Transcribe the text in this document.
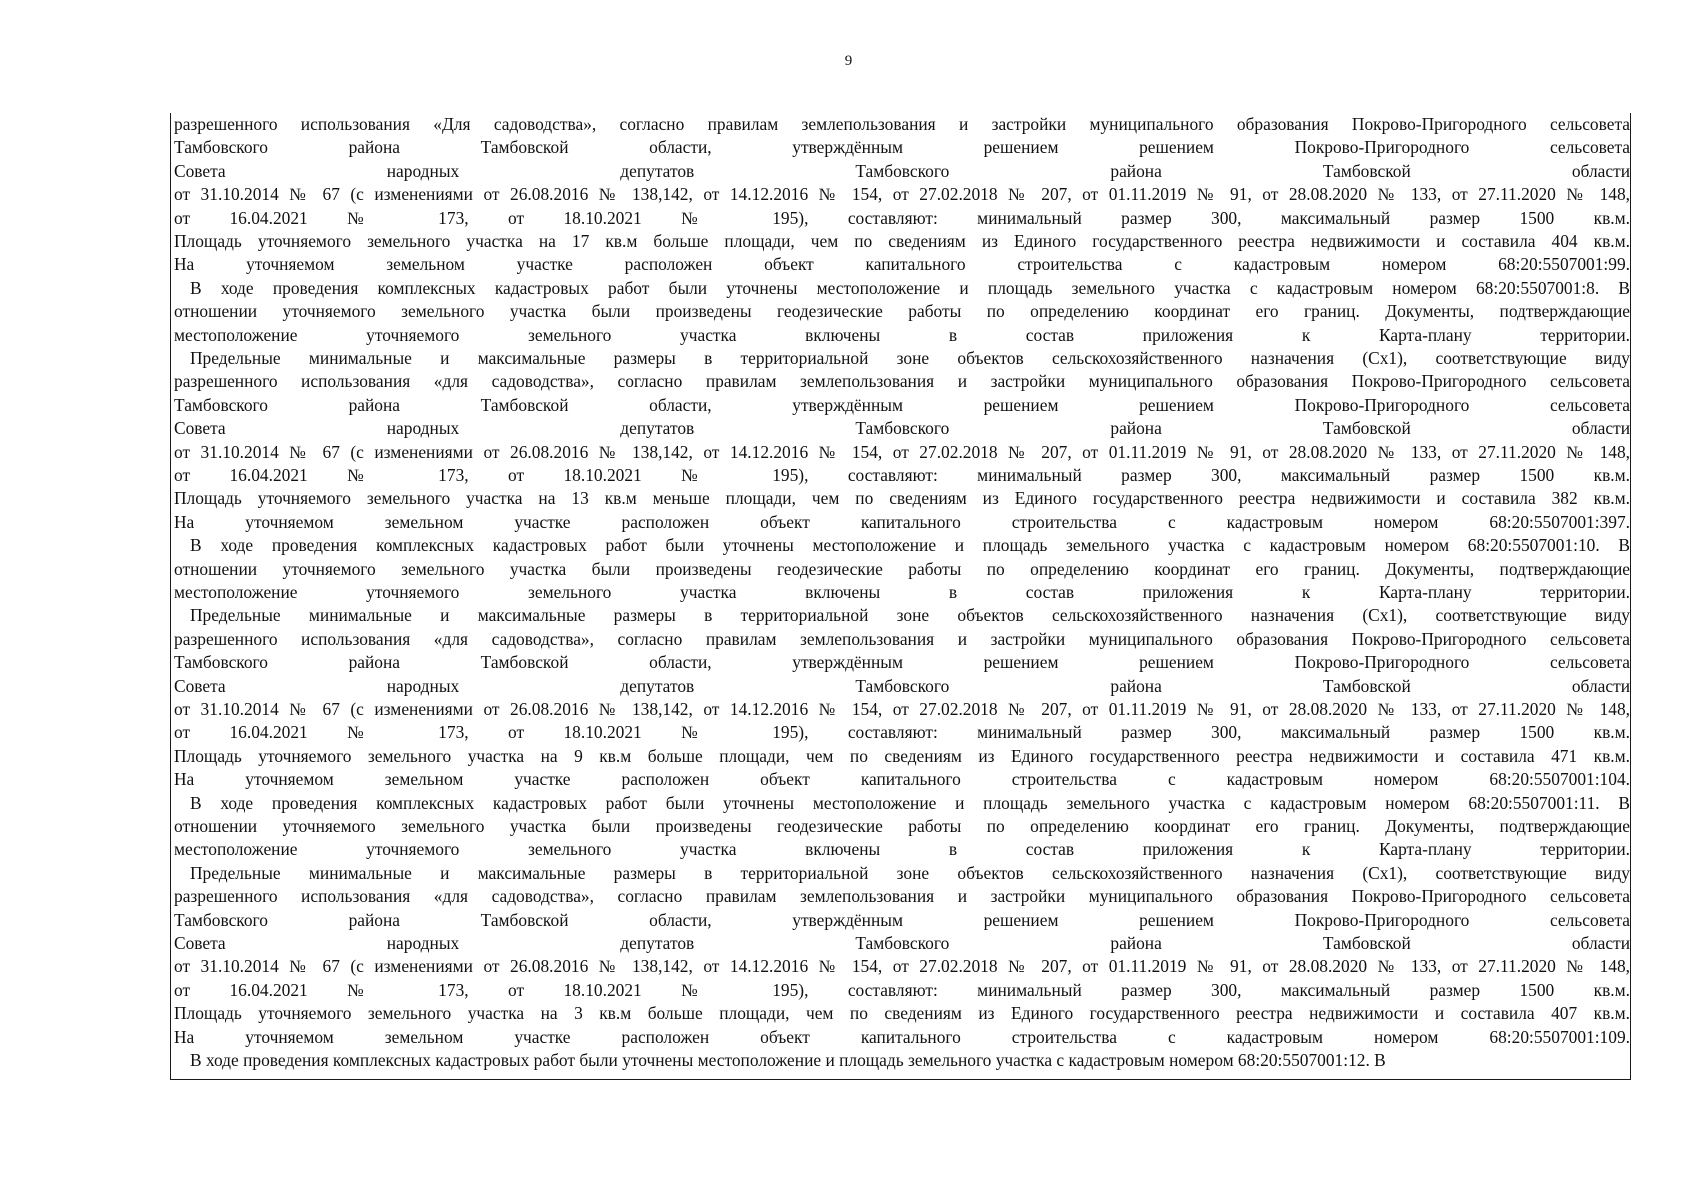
9
разрешенного использования «Для садоводства», согласно правилам землепользования и застройки муниципального образования Покрово-Пригородного сельсовета
Тамбовского района Тамбовской области, утверждённым решением решением Покрово-Пригородного сельсовета
Совета народных депутатов Тамбовского района Тамбовской области
от 31.10.2014 № 67 (с изменениями от 26.08.2016 № 138,142, от 14.12.2016 № 154, от 27.02.2018 № 207, от 01.11.2019 № 91, от 28.08.2020 № 133, от 27.11.2020 № 148,
от 16.04.2021 № 173, от 18.10.2021 № 195), составляют: минимальный размер 300, максимальный размер 1500 кв.м.
Площадь уточняемого земельного участка на 17 кв.м больше площади, чем по сведениям из Единого государственного реестра недвижимости и составила 404 кв.м.
На уточняемом земельном участке расположен объект капитального строительства с кадастровым номером 68:20:5507001:99.
В ходе проведения комплексных кадастровых работ были уточнены местоположение и площадь земельного участка с кадастровым номером 68:20:5507001:8. В
отношении уточняемого земельного участка были произведены геодезические работы по определению координат его границ. Документы, подтверждающие
местоположение уточняемого земельного участка включены в состав приложения к Карта-плану территории.
Предельные минимальные и максимальные размеры в территориальной зоне объектов сельскохозяйственного назначения (Сх1), соответствующие виду
разрешенного использования «для садоводства», согласно правилам землепользования и застройки муниципального образования Покрово-Пригородного сельсовета
Тамбовского района Тамбовской области, утверждённым решением решением Покрово-Пригородного сельсовета
Совета народных депутатов Тамбовского района Тамбовской области
от 31.10.2014 № 67 (с изменениями от 26.08.2016 № 138,142, от 14.12.2016 № 154, от 27.02.2018 № 207, от 01.11.2019 № 91, от 28.08.2020 № 133, от 27.11.2020 № 148,
от 16.04.2021 № 173, от 18.10.2021 № 195), составляют: минимальный размер 300, максимальный размер 1500 кв.м.
Площадь уточняемого земельного участка на 13 кв.м меньше площади, чем по сведениям из Единого государственного реестра недвижимости и составила 382 кв.м.
На уточняемом земельном участке расположен объект капитального строительства с кадастровым номером 68:20:5507001:397.
В ходе проведения комплексных кадастровых работ были уточнены местоположение и площадь земельного участка с кадастровым номером 68:20:5507001:10. В
отношении уточняемого земельного участка были произведены геодезические работы по определению координат его границ. Документы, подтверждающие
местоположение уточняемого земельного участка включены в состав приложения к Карта-плану территории.
Предельные минимальные и максимальные размеры в территориальной зоне объектов сельскохозяйственного назначения (Сх1), соответствующие виду
разрешенного использования «для садоводства», согласно правилам землепользования и застройки муниципального образования Покрово-Пригородного сельсовета
Тамбовского района Тамбовской области, утверждённым решением решением Покрово-Пригородного сельсовета
Совета народных депутатов Тамбовского района Тамбовской области
от 31.10.2014 № 67 (с изменениями от 26.08.2016 № 138,142, от 14.12.2016 № 154, от 27.02.2018 № 207, от 01.11.2019 № 91, от 28.08.2020 № 133, от 27.11.2020 № 148,
от 16.04.2021 № 173, от 18.10.2021 № 195), составляют: минимальный размер 300, максимальный размер 1500 кв.м.
Площадь уточняемого земельного участка на 9 кв.м больше площади, чем по сведениям из Единого государственного реестра недвижимости и составила 471 кв.м.
На уточняемом земельном участке расположен объект капитального строительства с кадастровым номером 68:20:5507001:104.
В ходе проведения комплексных кадастровых работ были уточнены местоположение и площадь земельного участка с кадастровым номером 68:20:5507001:11. В
отношении уточняемого земельного участка были произведены геодезические работы по определению координат его границ. Документы, подтверждающие
местоположение уточняемого земельного участка включены в состав приложения к Карта-плану территории.
Предельные минимальные и максимальные размеры в территориальной зоне объектов сельскохозяйственного назначения (Сх1), соответствующие виду
разрешенного использования «для садоводства», согласно правилам землепользования и застройки муниципального образования Покрово-Пригородного сельсовета
Тамбовского района Тамбовской области, утверждённым решением решением Покрово-Пригородного сельсовета
Совета народных депутатов Тамбовского района Тамбовской области
от 31.10.2014 № 67 (с изменениями от 26.08.2016 № 138,142, от 14.12.2016 № 154, от 27.02.2018 № 207, от 01.11.2019 № 91, от 28.08.2020 № 133, от 27.11.2020 № 148,
от 16.04.2021 № 173, от 18.10.2021 № 195), составляют: минимальный размер 300, максимальный размер 1500 кв.м.
Площадь уточняемого земельного участка на 3 кв.м больше площади, чем по сведениям из Единого государственного реестра недвижимости и составила 407 кв.м.
На уточняемом земельном участке расположен объект капитального строительства с кадастровым номером 68:20:5507001:109.
В ходе проведения комплексных кадастровых работ были уточнены местоположение и площадь земельного участка с кадастровым номером 68:20:5507001:12. В
